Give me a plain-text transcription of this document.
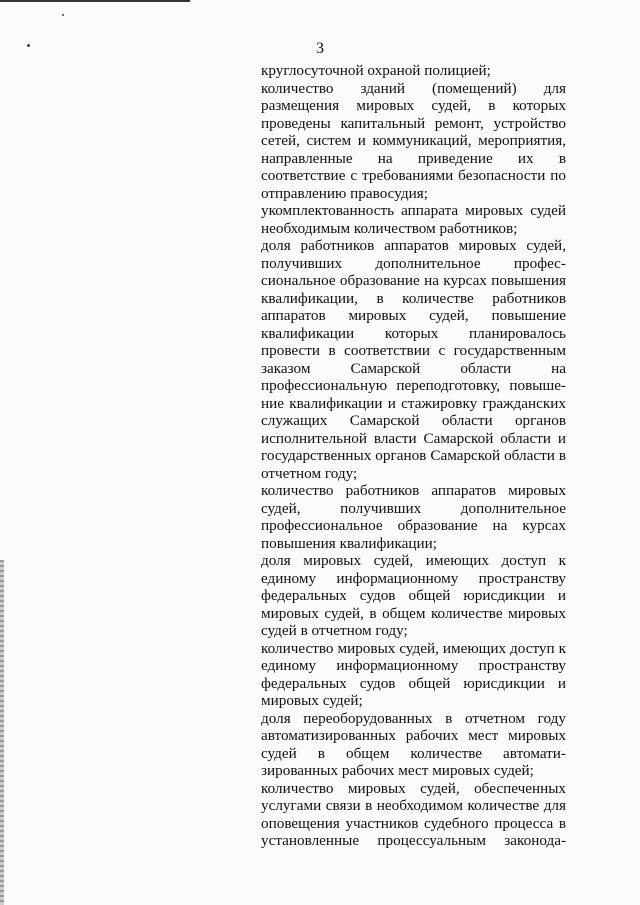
3
круглосуточной охраной полицией;
количество зданий (помещений) для
размещения мировых судей, в которых
проведены капитальный ремонт, устройство
сетей, систем и коммуникаций, мероприятия,
направленные на приведение их в
соответствие с требованиями безопасности по
отправлению правосудия;
укомплектованность аппарата мировых судей
необходимым количеством работников;
доля работников аппаратов мировых судей,
получивших дополнительное профес-
сиональное образование на курсах повышения
квалификации, в количестве работников
аппаратов мировых судей, повышение
квалификации которых планировалось
провести в соответствии с государственным
заказом Самарской области на
профессиональную переподготовку, повыше-
ние квалификации и стажировку гражданских
служащих Самарской области органов
исполнительной власти Самарской области и
государственных органов Самарской области в
отчетном году;
количество работников аппаратов мировых
судей, получивших дополнительное
профессиональное образование на курсах
повышения квалификации;
доля мировых судей, имеющих доступ к
единому информационному пространству
федеральных судов общей юрисдикции и
мировых судей, в общем количестве мировых
судей в отчетном году;
количество мировых судей, имеющих доступ к
единому информационному пространству
федеральных судов общей юрисдикции и
мировых судей;
доля переоборудованных в отчетном году
автоматизированных рабочих мест мировых
судей в общем количестве автомати-
зированных рабочих мест мировых судей;
количество мировых судей, обеспеченных
услугами связи в необходимом количестве для
оповещения участников судебного процесса в
установленные процессуальным законода-
